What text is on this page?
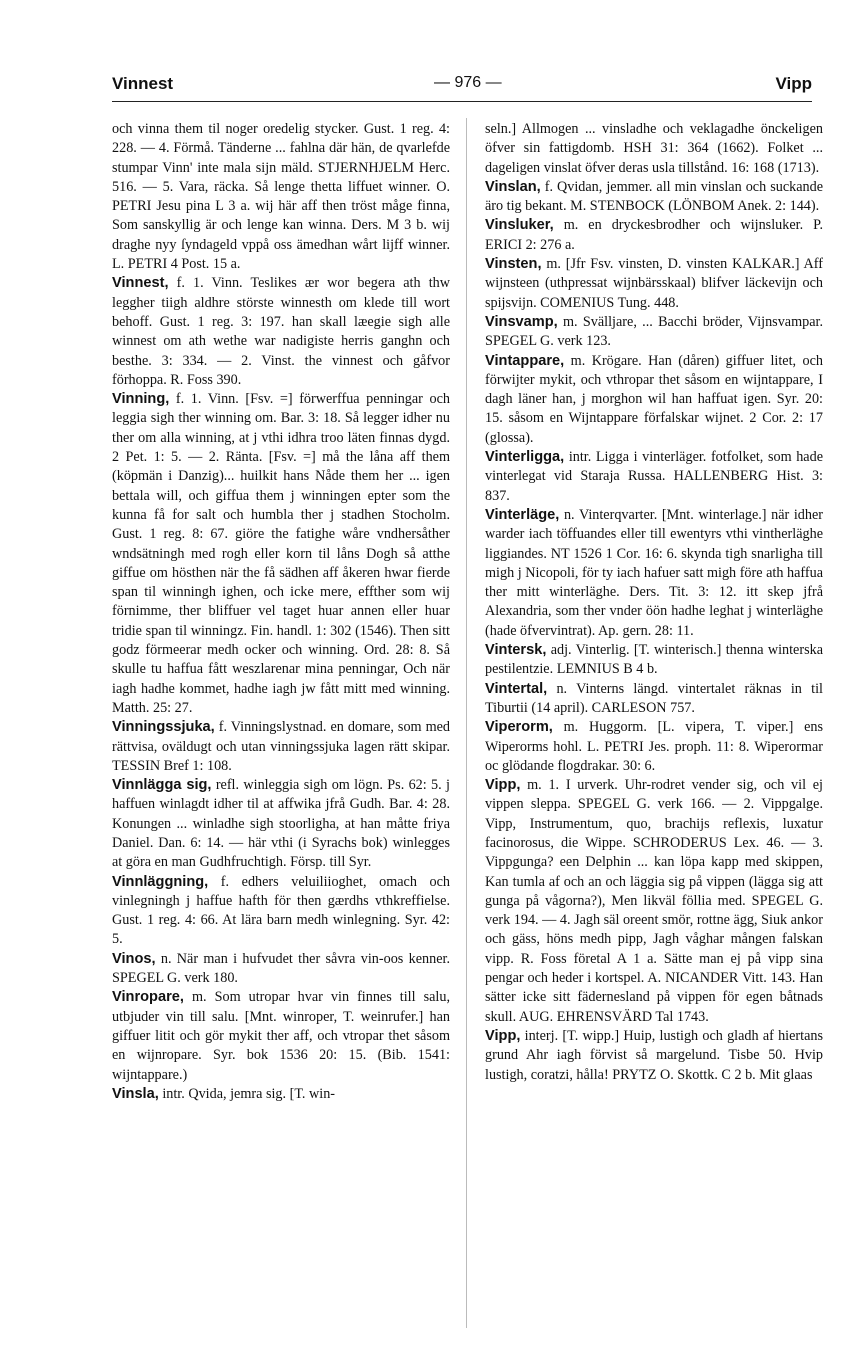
Vinnest	— 976 —	Vipp

och vinna them til noger oredelig stycker. Gust. 1 reg. 4: 228. — 4. Förmå. Tänderne ... fahlna där hän, de qvarlefde stumpar Vinn' inte mala sijn mäld. STJERNHJELM Herc. 516. — 5. Vara, räcka. Så lenge thetta liffuet winner. O. PETRI Jesu pina L 3 a. wij här aff then tröst måge finna, Som sanskyllig är och lenge kan winna. Ders. M 3 b. wij draghe nyy ſyndageld vppå oss ämedhan wårt lijff winner. L. PETRI 4 Post. 15 a.

Vinnest, f. 1. Vinn. Teslikes ær wor begera ath thw leggher tiigh aldhre störste winnesth om klede till wort behoff. Gust. 1 reg. 3: 197. han skall læegie sigh alle winnest om ath wethe war nadigiste herris ganghn och besthe. 3: 334. — 2. Vinst. the vinnest och gåfvor förhoppa. R. Foss 390.

Vinning, f. 1. Vinn. [Fsv. =] förwerffua penningar och leggia sigh ther winning om. Bar. 3: 18. Så legger idher nu ther om alla winning, at j vthi idhra troo läten finnas dygd. 2 Pet. 1: 5. — 2. Ränta. [Fsv. =] må the låna aff them (köpmän i Danzig)... huilkit hans Nåde them her ... igen bettala will, och giffua them j winningen epter som the kunna få for salt och humbla ther j stadhen Stocholm. Gust. 1 reg. 8: 67. giöre the fatighe wåre vndhersåther wndsätningh med rogh eller korn til låns Dogh så atthe giffue om hösthen när the få sädhen aff åkeren hwar fierde span til winningh ighen, och icke mere, effther som wij förnimme, ther bliffuer vel taget huar annen eller huar tridie span til winningz. Fin. handl. 1: 302 (1546). Then sitt godz förmeerar medh ocker och winning. Ord. 28: 8. Så skulle tu haffua fått weszlarenar mina penningar, Och när iagh hadhe kommet, hadhe iagh jw fått mitt med winning. Matth. 25: 27.

Vinningssjuka, f. Vinningslystnad. en domare, som med rättvisa, oväldugt och utan vinningssjuka lagen rätt skipar. TESSIN Bref 1: 108.

Vinnlägga sig, refl. winleggia sigh om lögn. Ps. 62: 5. j haffuen winlagdt idher til at affwika jfrå Gudh. Bar. 4: 28. Konungen ... winladhe sigh stoorligha, at han måtte friya Daniel. Dan. 6: 14. — här vthi (i Syrachs bok) winlegges at göra en man Gudhfruchtigh. Försp. till Syr.

Vinnläggning, f. edhers veluiliioghet, omach och vinlegningh j haffue hafth för then gærdhs vthkreffielse. Gust. 1 reg. 4: 66. At lära barn medh winlegning. Syr. 42: 5.

Vinos, n. När man i hufvudet ther såvra vin-oos kenner. SPEGEL G. verk 180.

Vinropare, m. Som utropar hvar vin finnes till salu, utbjuder vin till salu. [Mnt. winroper, T. weinrufer.] han giffuer litit och gör mykit ther aff, och vtropar thet såsom en wijnropare. Syr. bok 1536 20: 15. (Bib. 1541: wijntappare.)

Vinsla, intr. Qvida, jemra sig. [T. win-

seln.] Allmogen ... vinsladhe och veklagadhe önckeligen öfver sin fattigdomb. HSH 31: 364 (1662). Folket ... dageligen vinslat öfver deras usla tillstånd. 16: 168 (1713).

Vinslan, f. Qvidan, jemmer. all min vinslan och suckande äro tig bekant. M. STENBOCK (LÖNBOM Anek. 2: 144).

Vinsluker, m. en dryckesbrodher och wijnsluker. P. ERICI 2: 276 a.

Vinsten, m. [Jfr Fsv. vinsten, D. vinsten KALKAR.] Aff wijnsteen (uthpressat wijnbärsskaal) blifver läckevijn och spijsvijn. COMENIUS Tung. 448.

Vinsvamp, m. Svälljare, ... Bacchi bröder, Vijnsvampar. SPEGEL G. verk 123.

Vintappare, m. Krögare. Han (dåren) giffuer litet, och förwijter mykit, och vthropar thet såsom en wijntappare, I dagh läner han, j morghon wil han haffuat igen. Syr. 20: 15. såsom en Wijntappare förfalskar wijnet. 2 Cor. 2: 17 (glossa).

Vinterligga, intr. Ligga i vinterläger. fotfolket, som hade vinterlegat vid Staraja Russa. HALLENBERG Hist. 3: 837.

Vinterläge, n. Vinterqvarter. [Mnt. winterlage.] när idher warder iach töffuandes eller till ewentyrs vthi vintherläghe liggiandes. NT 1526 1 Cor. 16: 6. skynda tigh snarligha till migh j Nicopoli, för ty iach hafuer satt migh före ath haffua ther mitt winterläghe. Ders. Tit. 3: 12. itt skep jfrå Alexandria, som ther vnder öön hadhe leghat j winterläghe (hade öfvervintrat). Ap. gern. 28: 11.

Vintersk, adj. Vinterlig. [T. winterisch.] thenna winterska pestilentzie. LEMNIUS B 4 b.

Vintertal, n. Vinterns längd. vintertalet räknas in til Tiburtii (14 april). CARLESON 757.

Viperorm, m. Huggorm. [L. vipera, T. viper.] ens Wiperorms hohl. L. PETRI Jes. proph. 11: 8. Wiperormar oc glödande flogdrakar. 30: 6.

Vipp, m. 1. I urverk. Uhr-rodret vender sig, och vil ej vippen sleppa. SPEGEL G. verk 166. — 2. Vippgalge. Vipp, Instrumentum, quo, brachijs reflexis, luxatur facinorosus, die Wippe. SCHRODERUS Lex. 46. — 3. Vippgunga? een Delphin ... kan löpa kapp med skippen, Kan tumla af och an och läggia sig på vippen (lägga sig att gunga på vågorna?), Men likväl föllia med. SPEGEL G. verk 194. — 4. Jagh säl oreent smör, rottne ägg, Siuk ankor och gäss, höns medh pipp, Jagh våghar mången falskan vipp. R. Foss företal A 1 a. Sätte man ej på vipp sina pengar och heder i kortspel. A. NICANDER Vitt. 143. Han sätter icke sitt fädernesland på vippen för egen båtnads skull. AUG. EHRENSVÄRD Tal 1743.

Vipp, interj. [T. wipp.] Huip, lustigh och gladh af hiertans grund Ahr iagh förvist så margelund. Tisbe 50. Hvip lustigh, coratzi, hålla! PRYTZ O. Skottk. C 2 b. Mit glaas
